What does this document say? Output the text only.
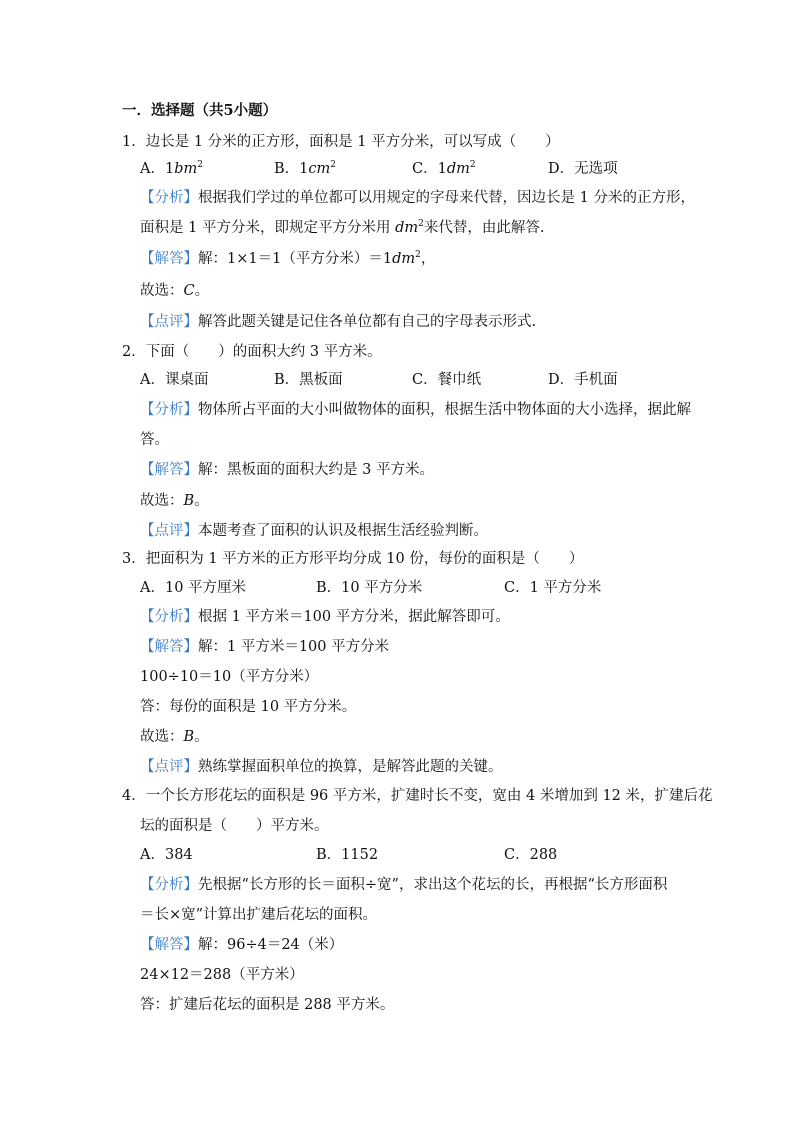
一．选择题（共5小题）
1．边长是 1 分米的正方形，面积是 1 平方分米，可以写成（　　）
A．$1bm^2$	B．$1cm^2$	C．$1dm^2$	D．无选项
【分析】根据我们学过的单位都可以用规定的字母来代替，因边长是 1 分米的正方形，
面积是 1 平方分米，即规定平方分米用 $dm^2$来代替，由此解答.
【解答】解：1×1＝1（平方分米）$=1dm^2$，
故选：C。
【点评】解答此题关键是记住各单位都有自己的字母表示形式.
2．下面（　　）的面积大约 3 平方米。
A．课桌面	B．黑板面	C．餐巾纸	D．手机面
【分析】物体所占平面的大小叫做物体的面积，根据生活中物体面的大小选择，据此解
答。
【解答】解：黑板面的面积大约是 3 平方米。
故选：B。
【点评】本题考查了面积的认识及根据生活经验判断。
3．把面积为 1 平方米的正方形平均分成 10 份，每份的面积是（　　）
A．10 平方厘米	B．10 平方分米	C．1 平方分米
【分析】根据 1 平方米＝100 平方分米，据此解答即可。
【解答】解：1 平方米＝100 平方分米
100÷10＝10（平方分米）
答：每份的面积是 10 平方分米。
故选：B。
【点评】熟练掌握面积单位的换算，是解答此题的关键。
4．一个长方形花坛的面积是 96 平方米，扩建时长不变，宽由 4 米增加到 12 米，扩建后花
坛的面积是（　　）平方米。
A．384	B．1152	C．288
【分析】先根据“长方形的长＝面积÷宽”，求出这个花坛的长，再根据“长方形面积
＝长×宽”计算出扩建后花坛的面积。
【解答】解：96÷4＝24（米）
24×12＝288（平方米）
答：扩建后花坛的面积是 288 平方米。
